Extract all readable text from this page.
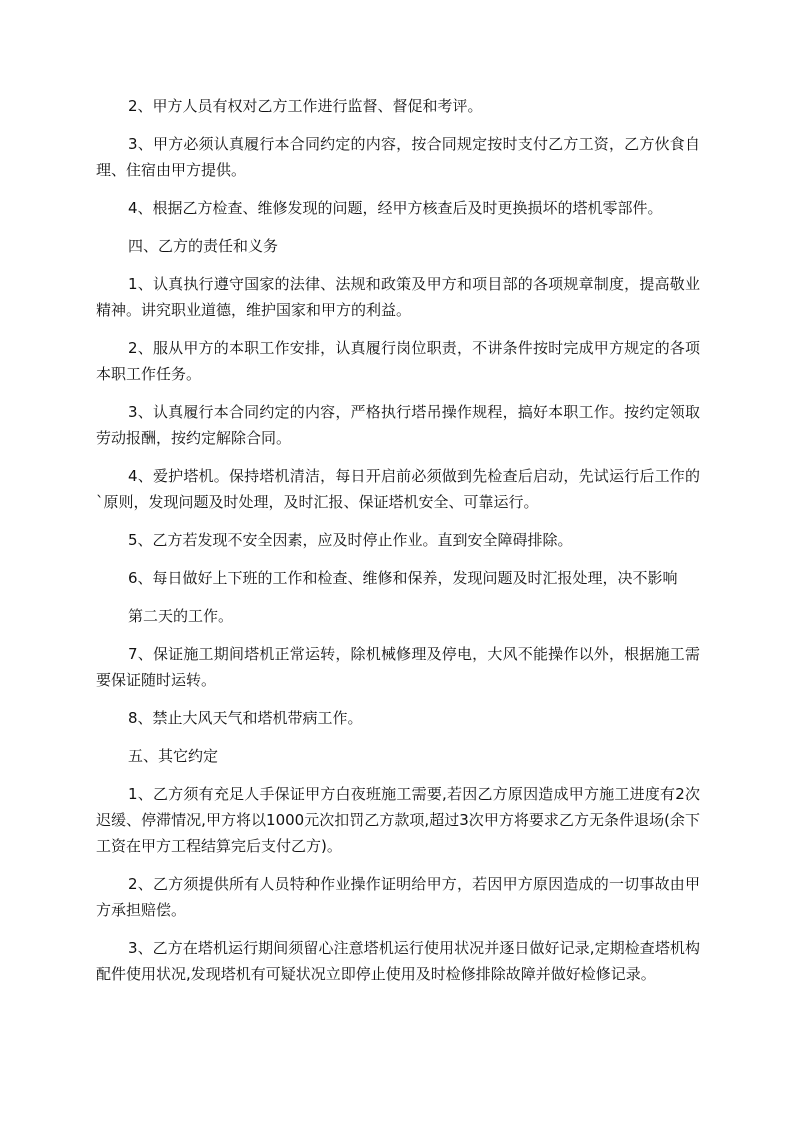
2、甲方人员有权对乙方工作进行监督、督促和考评。

3、甲方必须认真履行本合同约定的内容，按合同规定按时支付乙方工资，乙方伙食自理、住宿由甲方提供。

4、根据乙方检查、维修发现的问题，经甲方核查后及时更换损坏的塔机零部件。

四、乙方的责任和义务

1、认真执行遵守国家的法律、法规和政策及甲方和项目部的各项规章制度，提高敬业精神。讲究职业道德，维护国家和甲方的利益。

2、服从甲方的本职工作安排，认真履行岗位职责，不讲条件按时完成甲方规定的各项本职工作任务。

3、认真履行本合同约定的内容，严格执行塔吊操作规程，搞好本职工作。按约定领取劳动报酬，按约定解除合同。

4、爱护塔机。保持塔机清洁，每日开启前必须做到先检查后启动，先试运行后工作的`原则，发现问题及时处理，及时汇报、保证塔机安全、可靠运行。

5、乙方若发现不安全因素，应及时停止作业。直到安全障碍排除。

6、每日做好上下班的工作和检查、维修和保养，发现问题及时汇报处理，决不影响

第二天的工作。

7、保证施工期间塔机正常运转，除机械修理及停电，大风不能操作以外，根据施工需要保证随时运转。

8、禁止大风天气和塔机带病工作。

五、其它约定

1、乙方须有充足人手保证甲方白夜班施工需要,若因乙方原因造成甲方施工进度有2次迟缓、停滞情况,甲方将以1000元次扣罚乙方款项,超过3次甲方将要求乙方无条件退场(余下工资在甲方工程结算完后支付乙方)。

2、乙方须提供所有人员特种作业操作证明给甲方，若因甲方原因造成的一切事故由甲方承担赔偿。

3、乙方在塔机运行期间须留心注意塔机运行使用状况并逐日做好记录,定期检查塔机构配件使用状况,发现塔机有可疑状况立即停止使用及时检修排除故障并做好检修记录。
